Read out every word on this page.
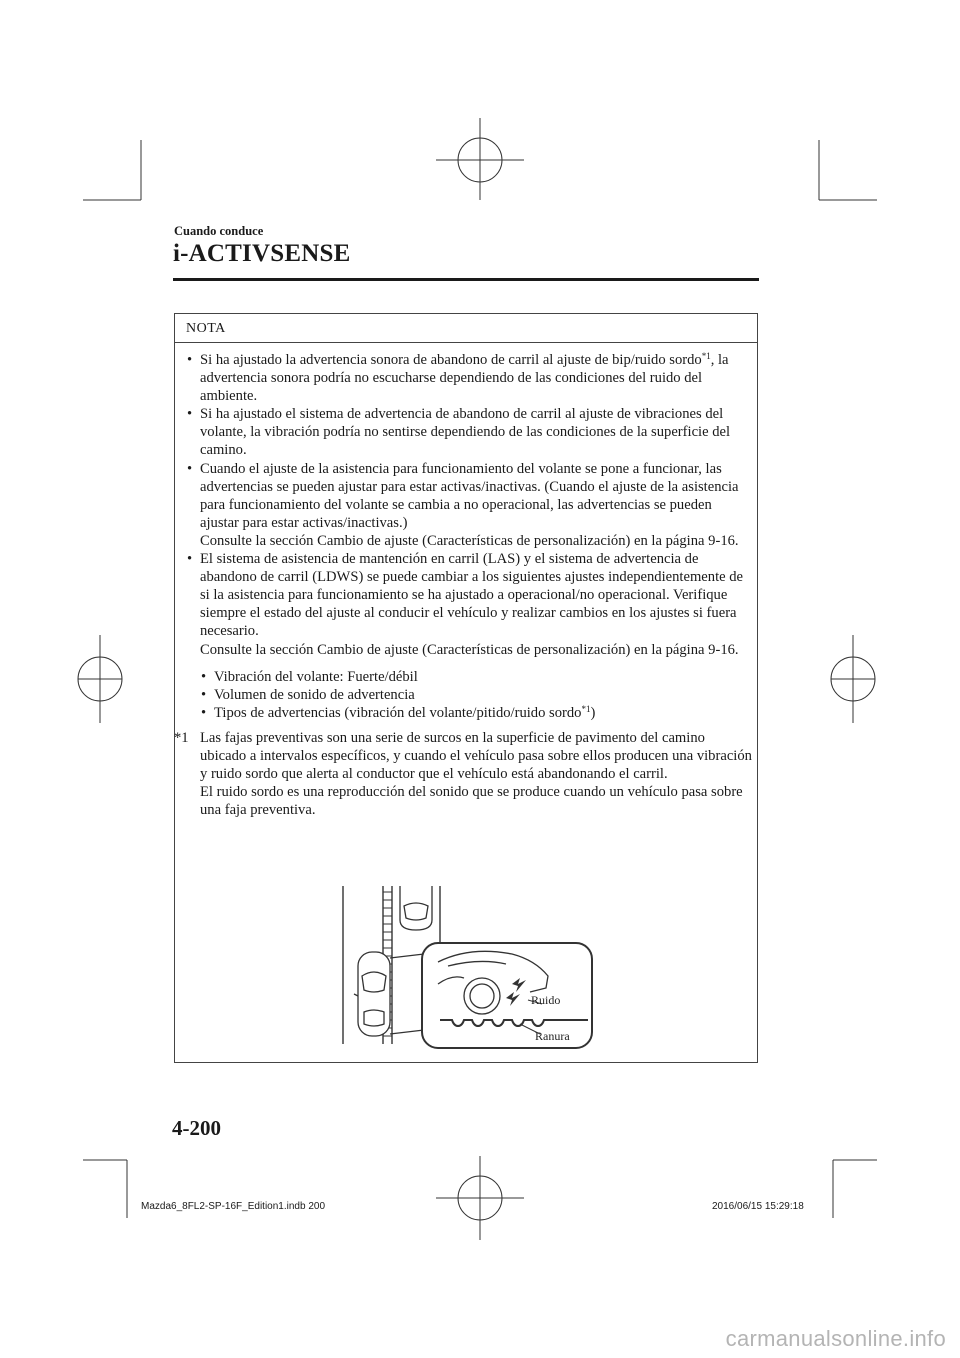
Cuando conduce
i-ACTIVSENSE
NOTA
• Si ha ajustado la advertencia sonora de abandono de carril al ajuste de bip/ruido sordo$^{*1}$, la advertencia sonora podría no escucharse dependiendo de las condiciones del ruido del ambiente.
• Si ha ajustado el sistema de advertencia de abandono de carril al ajuste de vibraciones del volante, la vibración podría no sentirse dependiendo de las condiciones de la superficie del camino.
• Cuando el ajuste de la asistencia para funcionamiento del volante se pone a funcionar, las advertencias se pueden ajustar para estar activas/inactivas. (Cuando el ajuste de la asistencia para funcionamiento del volante se cambia a no operacional, las advertencias se pueden ajustar para estar activas/inactivas.)
Consulte la sección Cambio de ajuste (Características de personalización) en la página 9-16.
• El sistema de asistencia de mantención en carril (LAS) y el sistema de advertencia de abandono de carril (LDWS) se puede cambiar a los siguientes ajustes independientemente de si la asistencia para funcionamiento se ha ajustado a operacional/no operacional. Verifique siempre el estado del ajuste al conducir el vehículo y realizar cambios en los ajustes si fuera necesario.
Consulte la sección Cambio de ajuste (Características de personalización) en la página 9-16.
• Vibración del volante: Fuerte/débil
• Volumen de sonido de advertencia
• Tipos de advertencias (vibración del volante/pitido/ruido sordo$^{*1}$)
*1 Las fajas preventivas son una serie de surcos en la superficie de pavimento del camino ubicado a intervalos específicos, y cuando el vehículo pasa sobre ellos producen una vibración y ruido sordo que alerta al conductor que el vehículo está abandonando el carril.
El ruido sordo es una reproducción del sonido que se produce cuando un vehículo pasa sobre una faja preventiva.
Ruido
Ranura
4-200
Mazda6_8FL2-SP-16F_Edition1.indb 200	2016/06/15 15:29:18
carmanualsonline.info
